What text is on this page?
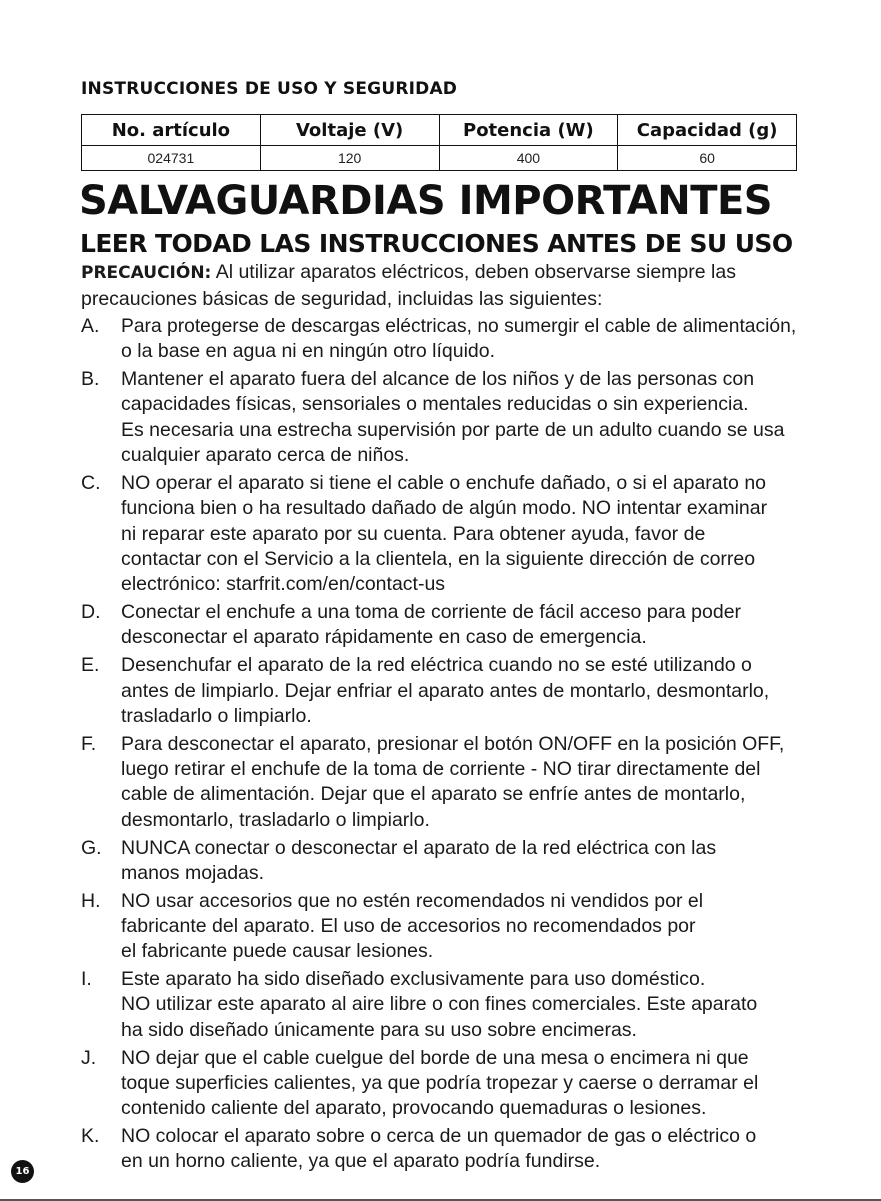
INSTRUCCIONES DE USO Y SEGURIDAD
No. artículo	Voltaje (V)	Potencia (W)	Capacidad (g)
024731	120	400	60
SALVAGUARDIAS IMPORTANTES
LEER TODAD LAS INSTRUCCIONES ANTES DE SU USO
PRECAUCIÓN: Al utilizar aparatos eléctricos, deben observarse siempre las
precauciones básicas de seguridad, incluidas las siguientes:
A. Para protegerse de descargas eléctricas, no sumergir el cable de alimentación,
o la base en agua ni en ningún otro líquido.
B. Mantener el aparato fuera del alcance de los niños y de las personas con
capacidades físicas, sensoriales o mentales reducidas o sin experiencia.
Es necesaria una estrecha supervisión por parte de un adulto cuando se usa
cualquier aparato cerca de niños.
C. NO operar el aparato si tiene el cable o enchufe dañado, o si el aparato no
funciona bien o ha resultado dañado de algún modo. NO intentar examinar
ni reparar este aparato por su cuenta. Para obtener ayuda, favor de
contactar con el Servicio a la clientela, en la siguiente dirección de correo
electrónico: starfrit.com/en/contact-us
D. Conectar el enchufe a una toma de corriente de fácil acceso para poder
desconectar el aparato rápidamente en caso de emergencia.
E. Desenchufar el aparato de la red eléctrica cuando no se esté utilizando o
antes de limpiarlo. Dejar enfriar el aparato antes de montarlo, desmontarlo,
trasladarlo o limpiarlo.
F. Para desconectar el aparato, presionar el botón ON/OFF en la posición OFF,
luego retirar el enchufe de la toma de corriente - NO tirar directamente del
cable de alimentación. Dejar que el aparato se enfríe antes de montarlo,
desmontarlo, trasladarlo o limpiarlo.
G. NUNCA conectar o desconectar el aparato de la red eléctrica con las
manos mojadas.
H. NO usar accesorios que no estén recomendados ni vendidos por el
fabricante del aparato. El uso de accesorios no recomendados por
el fabricante puede causar lesiones.
I. Este aparato ha sido diseñado exclusivamente para uso doméstico.
NO utilizar este aparato al aire libre o con fines comerciales. Este aparato
ha sido diseñado únicamente para su uso sobre encimeras.
J. NO dejar que el cable cuelgue del borde de una mesa o encimera ni que
toque superficies calientes, ya que podría tropezar y caerse o derramar el
contenido caliente del aparato, provocando quemaduras o lesiones.
K. NO colocar el aparato sobre o cerca de un quemador de gas o eléctrico o
en un horno caliente, ya que el aparato podría fundirse.
16
